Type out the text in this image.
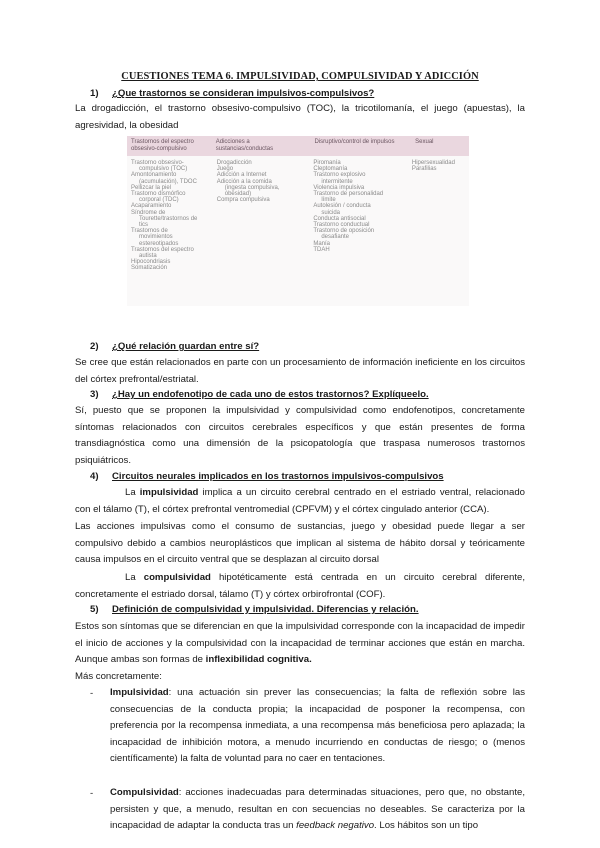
CUESTIONES TEMA 6. IMPULSIVIDAD, COMPULSIVIDAD Y ADICCIÓN
1) ¿Que trastornos se consideran impulsivos-compulsivos?

La drogadicción, el trastorno obsesivo-compulsivo (TOC), la tricotilomanía, el juego (apuestas), la agresividad, la obesidad

Trastornos del espectro obsesivo-compulsivo
Adicciones a sustancias/conductas
Disruptivo/control de impulsos	Sexual
Trastorno obsesivo-
compulsivo (TOC)
Amontonamiento
(acumulación), TDOC
Pellizcar la piel
Trastorno dismórfico
corporal (TDC)
Acaparamiento
Síndrome de
Tourette/trastornos de
tics
Trastornos de
movimientos
estereotipados
Trastornos del espectro
autista
Hipocondriasis
Somatización
Drogadicción
Juego
Adicción a Internet
Adicción a la comida
(ingesta compulsiva,
obesidad)
Compra compulsiva
Piromanía
Cleptomanía
Trastorno explosivo
intermitente
Violencia impulsiva
Trastorno de personalidad
límite
Autolesión / conducta
suicida
Conducta antisocial
Trastorno conductual
Trastorno de oposición
desafiante
Manía
TDAH
Hipersexualidad
Parafilias
2) ¿Qué relación guardan entre sí?

Se cree que están relacionados en parte con un procesamiento de información ineficiente en los circuitos del córtex prefrontal/estriatal.

3) ¿Hay un endofenotipo de cada uno de estos trastornos? Explíqueelo.

Sí, puesto que se proponen la impulsividad y compulsividad como endofenotipos, concretamente síntomas relacionados con circuitos cerebrales específicos y que están presentes de forma transdiagnóstica como una dimensión de la psicopatología que traspasa numerosos trastornos psiquiátricos.

4) Circuitos neurales implicados en los trastornos impulsivos-compulsivos

La impulsividad implica a un circuito cerebral centrado en el estriado ventral, relacionado con el tálamo (T), el córtex prefrontal ventromedial (CPFVM) y el córtex cingulado anterior (CCA).

Las acciones impulsivas como el consumo de sustancias, juego y obesidad puede llegar a ser compulsivo debido a cambios neuroplásticos que implican al sistema de hábito dorsal y teóricamente causa impulsos en el circuito ventral que se desplazan al circuito dorsal

La compulsividad hipotéticamente está centrada en un circuito cerebral diferente, concretamente el estriado dorsal, tálamo (T) y córtex orbirofrontal (COF).

5) Definición de compulsividad y impulsividad. Diferencias y relación.

Estos son síntomas que se diferencian en que la impulsividad corresponde con la incapacidad de impedir el inicio de acciones y la compulsividad con la incapacidad de terminar acciones que están en marcha. Aunque ambas son formas de inflexibilidad cognitiva.

Más concretamente:

- Impulsividad: una actuación sin prever las consecuencias; la falta de reflexión sobre las consecuencias de la conducta propia; la incapacidad de posponer la recompensa, con preferencia por la recompensa inmediata, a una recompensa más beneficiosa pero aplazada; la incapacidad de inhibición motora, a menudo incurriendo en conductas de riesgo; o (menos científicamente) la falta de voluntad para no caer en tentaciones.

- Compulsividad: acciones inadecuadas para determinadas situaciones, pero que, no obstante, persisten y que, a menudo, resultan en con secuencias no deseables. Se caracteriza por la incapacidad de adaptar la conducta tras un feedback negativo. Los hábitos son un tipo
